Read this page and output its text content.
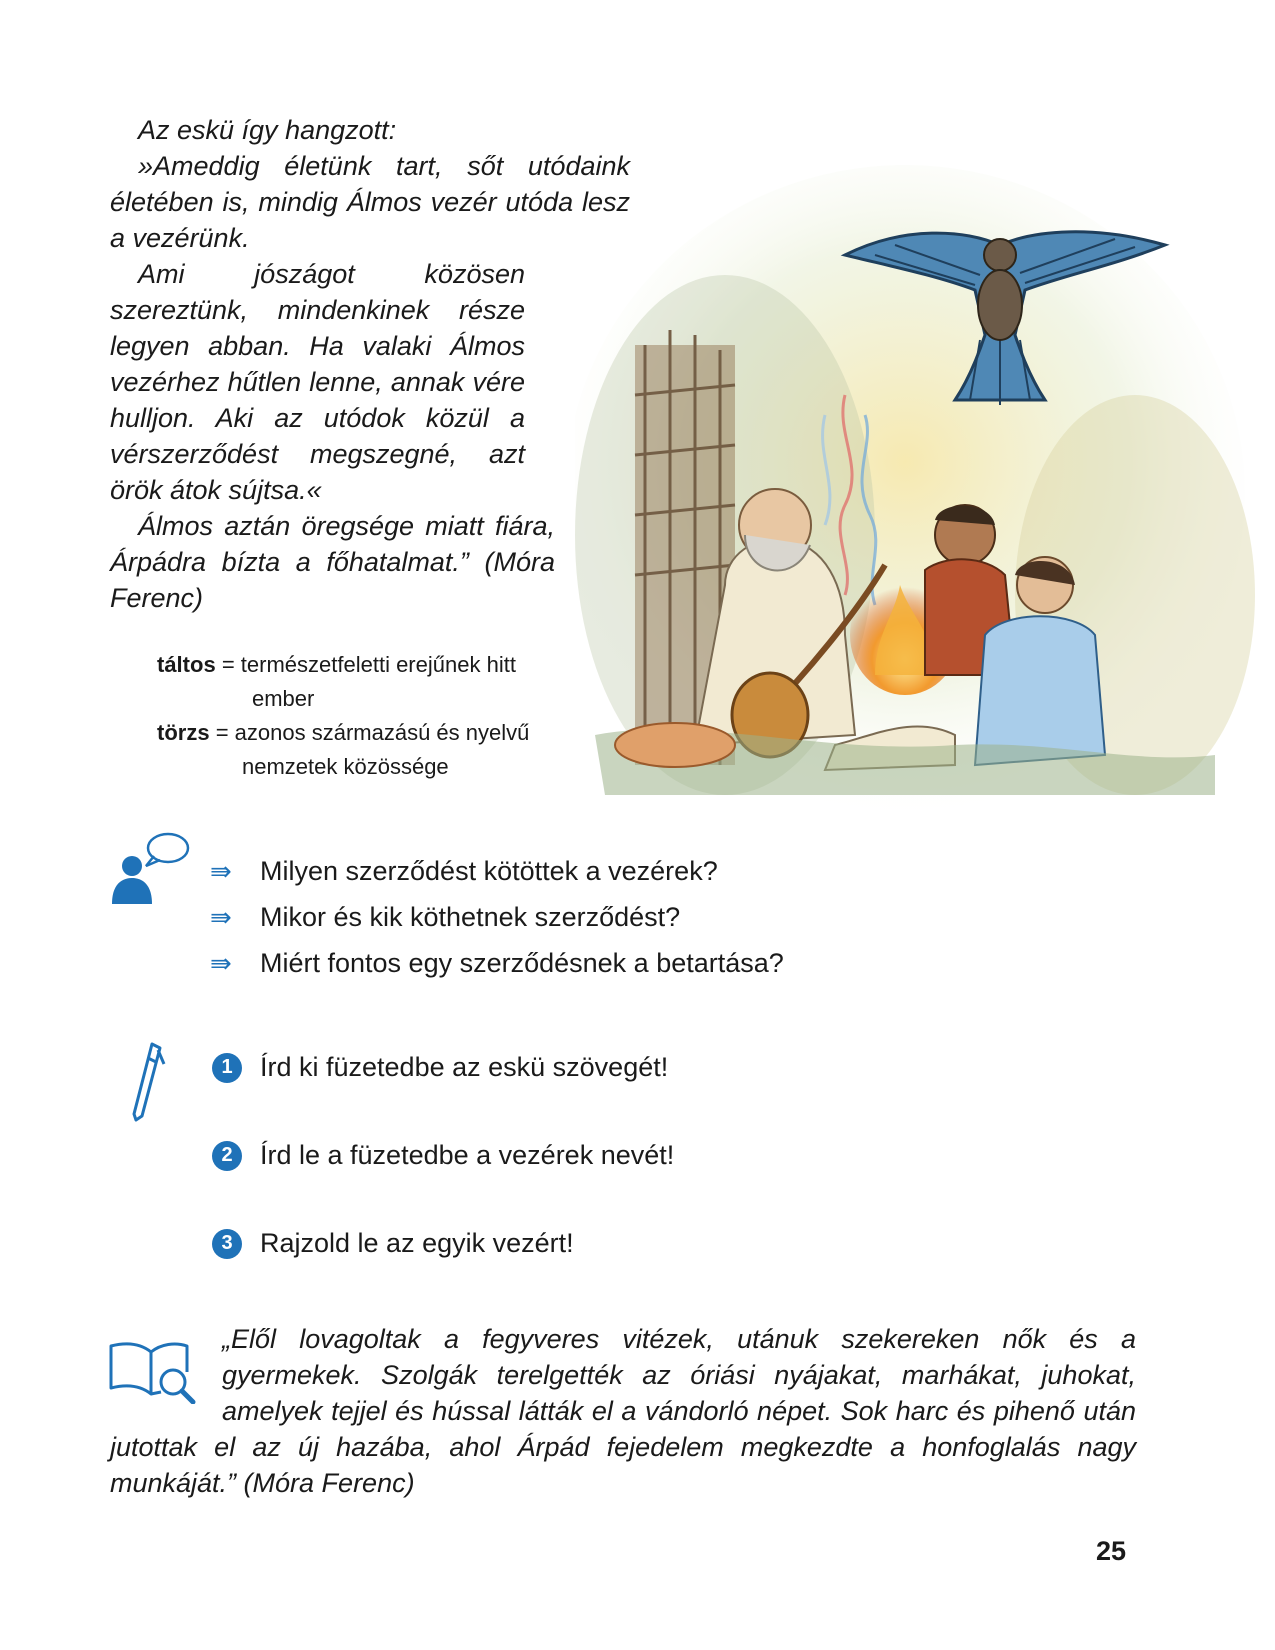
Az eskü így hangzott:

»Ameddig életünk tart, sőt utódaink életében is, mindig Álmos vezér utóda lesz a vezérünk.

Ami jószágot közösen szereztünk, mindenkinek része legyen abban. Ha valaki Álmos vezérhez hűtlen lenne, annak vére hulljon. Aki az utódok közül a vérszerződést megszegné, azt örök átok sújtsa.«

Álmos aztán öregsége miatt fiára, Árpádra bízta a főhatalmat.” (Móra Ferenc)

táltos = természetfeletti erejűnek hitt
ember
törzs = azonos származású és nyelvű
nemzetek közössége
⇛	Milyen szerződést kötöttek a vezérek?
⇛	Mikor és kik köthetnek szerződést?
⇛	Miért fontos egy szerződésnek a betartása?
1	Írd ki füzetedbe az eskü szövegét!
2	Írd le a füzetedbe a vezérek nevét!
3	Rajzold le az egyik vezért!
„Elől lovagoltak a fegyveres vitézek, utánuk szekereken nők és a gyermekek. Szolgák terelgették az óriási nyájakat, marhákat, juhokat, amelyek tejjel és hússal látták el a vándorló népet. Sok harc és pihenő után jutottak el az új hazába, ahol Árpád fejedelem megkezdte a honfoglalás nagy munkáját.” (Móra Ferenc)
25
